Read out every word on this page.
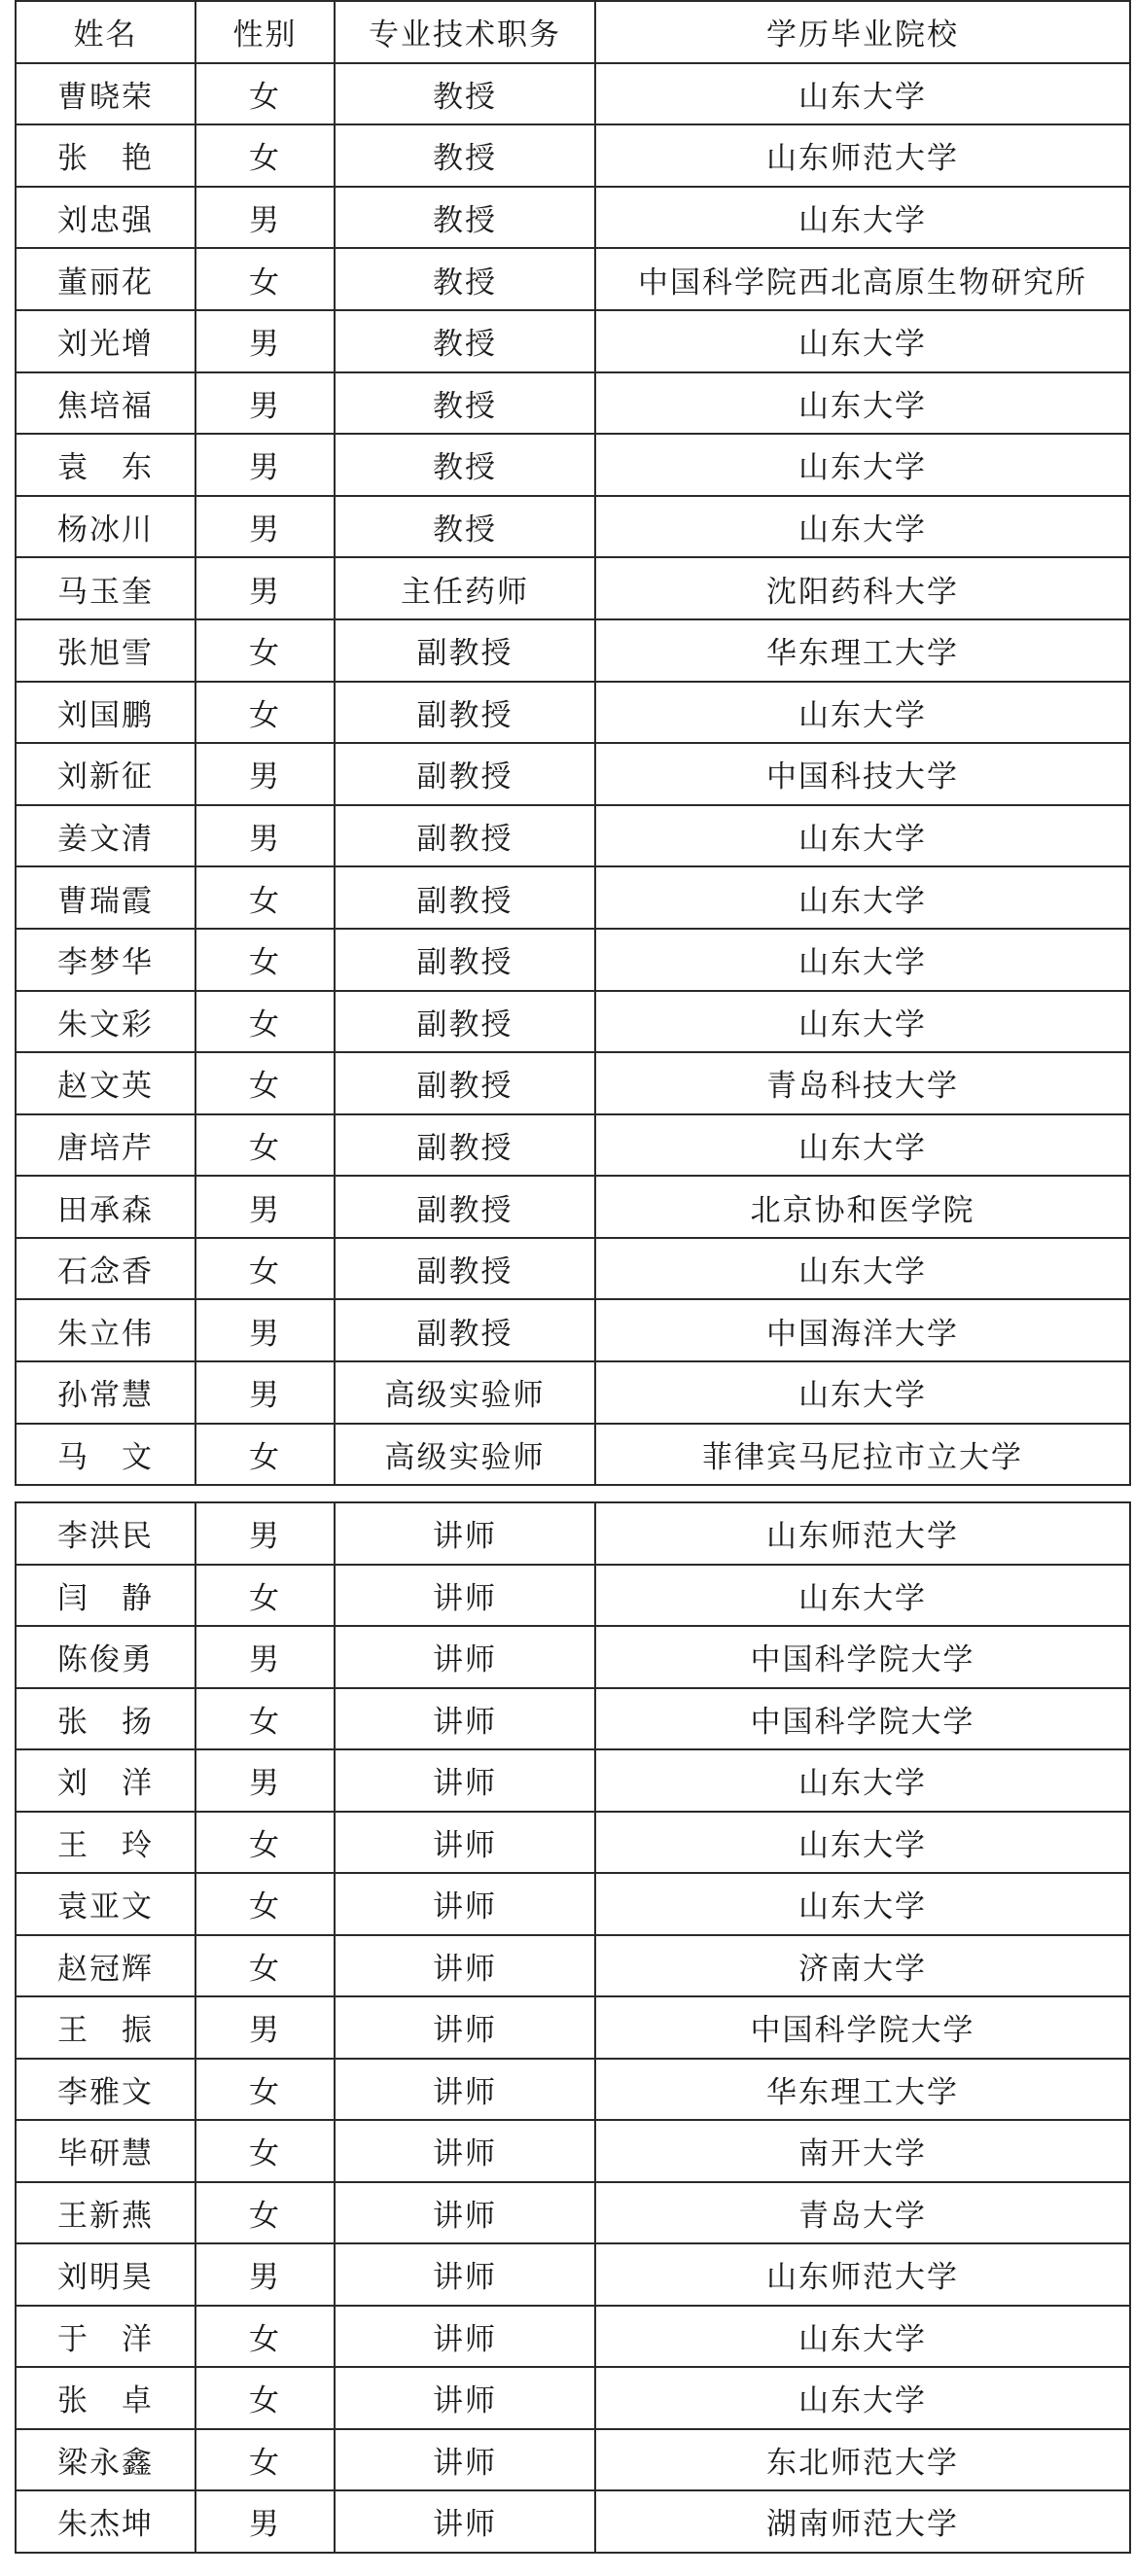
姓名	性别	专业技术职务	学历毕业院校
曹晓荣	女	教授	山东大学
张　艳	女	教授	山东师范大学
刘忠强	男	教授	山东大学
董丽花	女	教授	中国科学院西北高原生物研究所
刘光增	男	教授	山东大学
焦培福	男	教授	山东大学
袁　东	男	教授	山东大学
杨冰川	男	教授	山东大学
马玉奎	男	主任药师	沈阳药科大学
张旭雪	女	副教授	华东理工大学
刘国鹏	女	副教授	山东大学
刘新征	男	副教授	中国科技大学
姜文清	男	副教授	山东大学
曹瑞霞	女	副教授	山东大学
李梦华	女	副教授	山东大学
朱文彩	女	副教授	山东大学
赵文英	女	副教授	青岛科技大学
唐培芹	女	副教授	山东大学
田承森	男	副教授	北京协和医学院
石念香	女	副教授	山东大学
朱立伟	男	副教授	中国海洋大学
孙常慧	男	高级实验师	山东大学
马　文	女	高级实验师	菲律宾马尼拉市立大学
李洪民	男	讲师	山东师范大学
闫　静	女	讲师	山东大学
陈俊勇	男	讲师	中国科学院大学
张　扬	女	讲师	中国科学院大学
刘　洋	男	讲师	山东大学
王　玲	女	讲师	山东大学
袁亚文	女	讲师	山东大学
赵冠辉	女	讲师	济南大学
王　振	男	讲师	中国科学院大学
李雅文	女	讲师	华东理工大学
毕研慧	女	讲师	南开大学
王新燕	女	讲师	青岛大学
刘明昊	男	讲师	山东师范大学
于　洋	女	讲师	山东大学
张　卓	女	讲师	山东大学
梁永鑫	女	讲师	东北师范大学
朱杰坤	男	讲师	湖南师范大学
